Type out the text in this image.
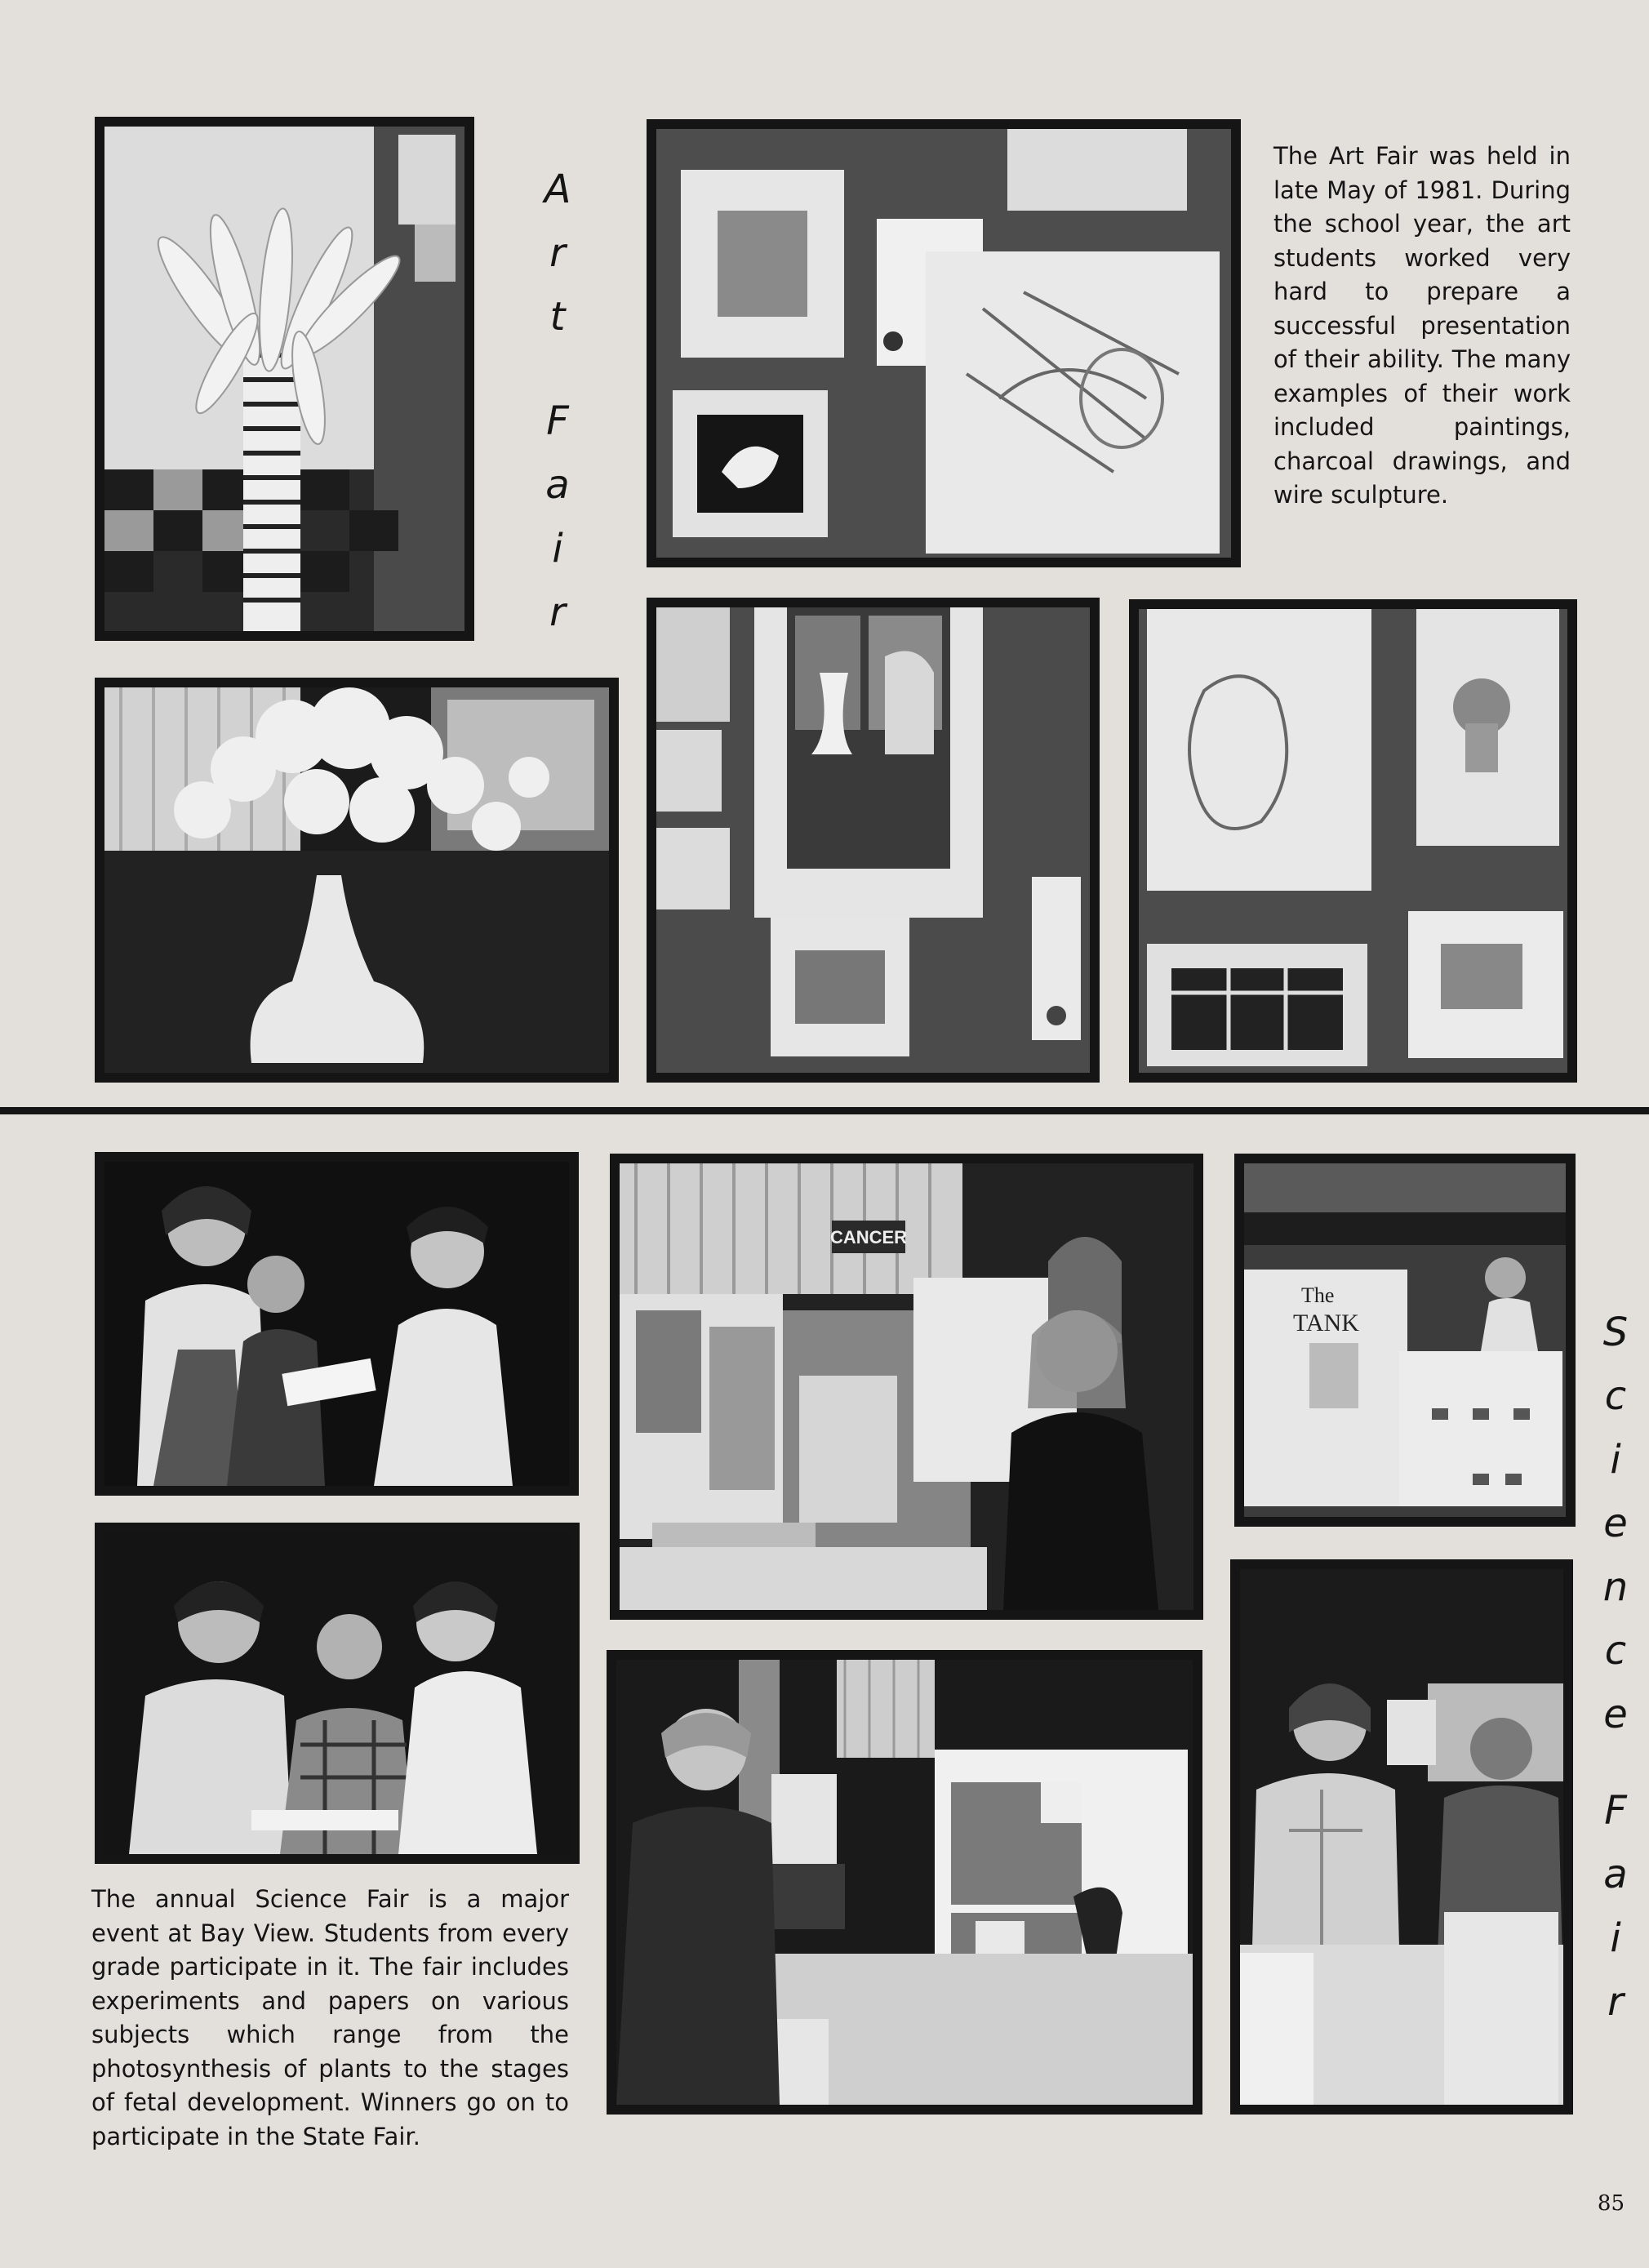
A
r
t
F
a
i
r
The Art Fair was held in late May of 1981. During the school year, the art students worked very hard to prepare a successful presentation of their ability. The many examples of their work included paintings, charcoal drawings, and wire sculpture.
CANCER
The
TANK
The annual Science Fair is a major event at Bay View. Students from every grade participate in it. The fair includes experiments and papers on various subjects which range from the photosynthesis of plants to the stages of fetal development. Winners go on to participate in the State Fair.
S
c
i
e
n
c
e
F
a
i
r
85
